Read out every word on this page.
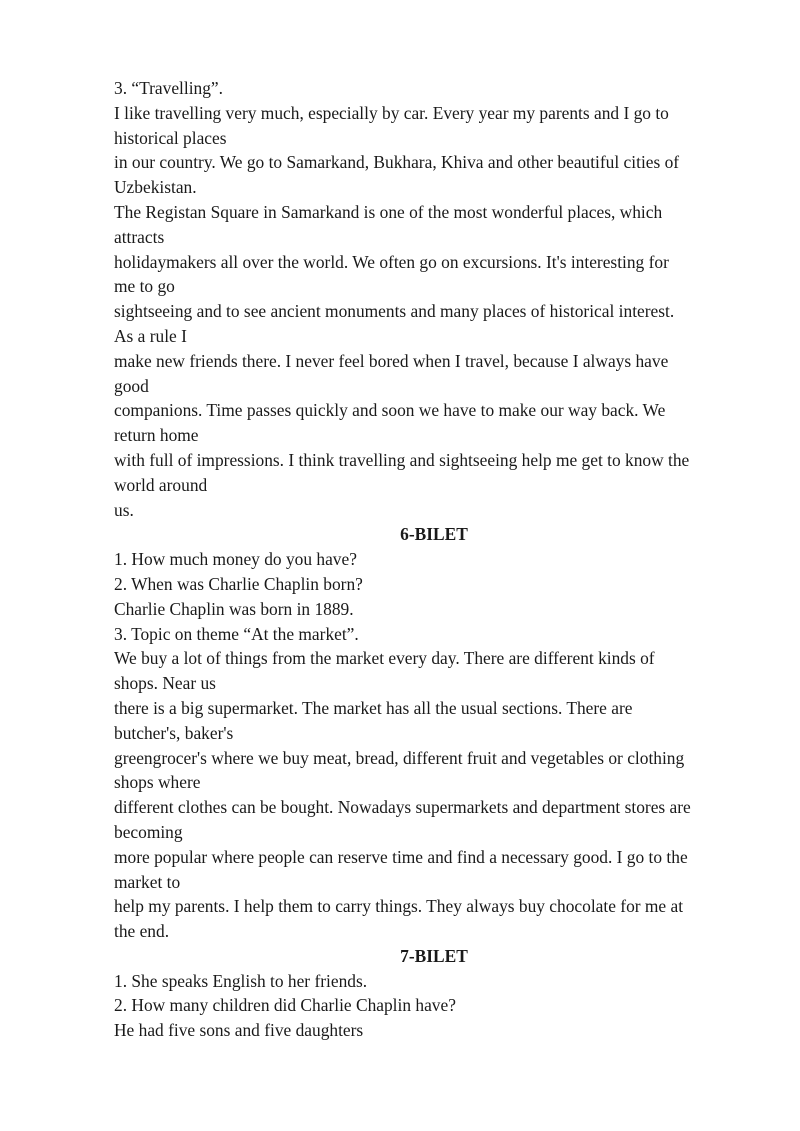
3. “Travelling”.
I like travelling very much, especially by car. Every year my parents and I go to
historical places
in our country. We go to Samarkand, Bukhara, Khiva and other beautiful cities of
Uzbekistan.
The Registan Square in Samarkand is one of the most wonderful places, which
attracts
holidaymakers all over the world. We often go on excursions. It's interesting for
me to go
sightseeing and to see ancient monuments and many places of historical interest.
As a rule I
make new friends there. I never feel bored when I travel, because I always have
good
companions. Time passes quickly and soon we have to make our way back. We
return home
with full of impressions. I think travelling and sightseeing help me get to know the
world around
us.
6-BILET
1. How much money do you have?
2. When was Charlie Chaplin born?
Charlie Chaplin was born in 1889.
3. Topic on theme “At the market”.
We buy a lot of things from the market every day. There are different kinds of
shops. Near us
there is a big supermarket. The market has all the usual sections. There are
butcher's, baker's
greengrocer's where we buy meat, bread, different fruit and vegetables or clothing
shops where
different clothes can be bought. Nowadays supermarkets and department stores are
becoming
more popular where people can reserve time and find a necessary good. I go to the
market to
help my parents. I help them to carry things. They always buy chocolate for me at
the end.
7-BILET
1. She speaks English to her friends.
2. How many children did Charlie Chaplin have?
He had five sons and five daughters
